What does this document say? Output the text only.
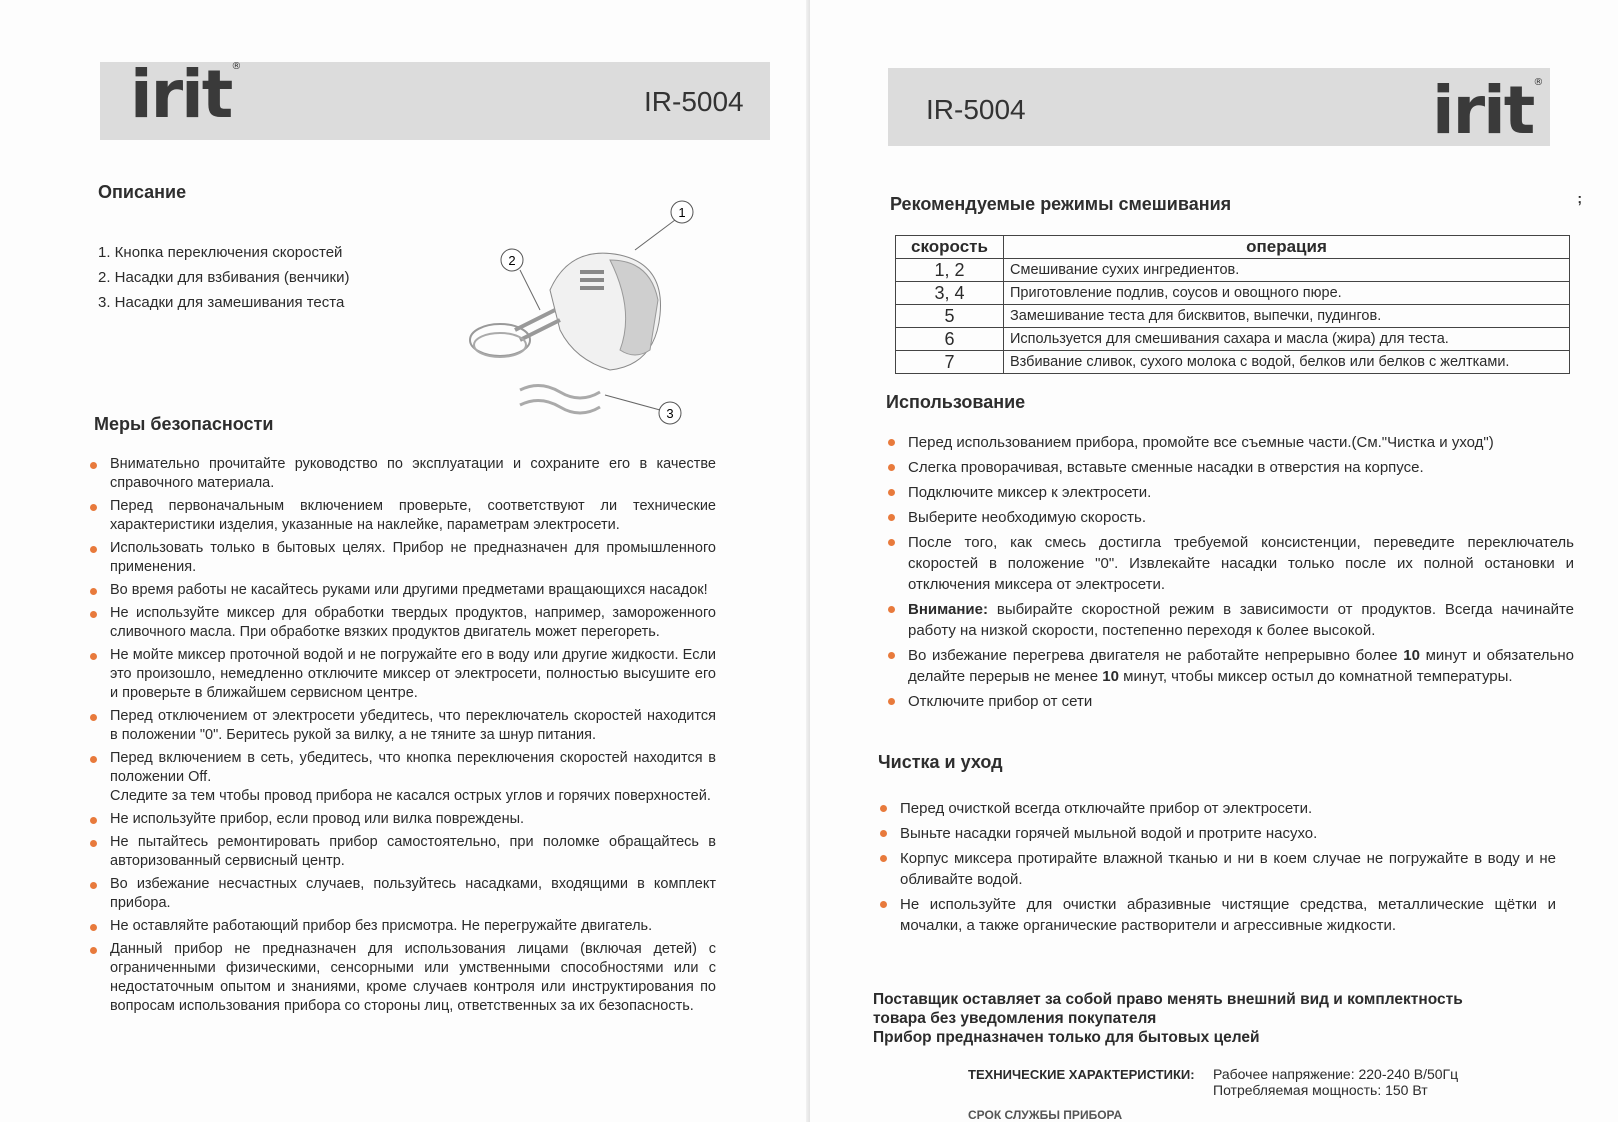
irit®
IR-5004
Описание
1. Кнопка переключения скоростей
2. Насадки для взбивания (венчики)
3. Насадки для замешивания теста
1
2
3
Меры безопасности
Внимательно прочитайте руководство по эксплуатации и сохраните его в качестве справочного материала.
Перед первоначальным включением проверьте, соответствуют ли технические характеристики изделия, указанные на наклейке, параметрам электросети.
Использовать только в бытовых целях. Прибор не предназначен для промышленного применения.
Во время работы не касайтесь руками или другими предметами вращающихся насадок!
Не используйте миксер для обработки твердых продуктов, например, замороженного сливочного масла. При обработке вязких продуктов двигатель может перегореть.
Не мойте миксер проточной водой и не погружайте его в воду или другие жидкости. Если это произошло, немедленно отключите миксер от электросети, полностью высушите его и проверьте в ближайшем сервисном центре.
Перед отключением от электросети убедитесь, что переключатель скоростей находится в положении "0". Беритесь рукой за вилку, а не тяните за шнур питания.
Перед включением в сеть, убедитесь, что кнопка переключения скоростей находится в положении Off.
Следите за тем чтобы провод прибора не касался острых углов и горячих поверхностей.
Не используйте прибор, если провод или вилка повреждены.
Не пытайтесь ремонтировать прибор самостоятельно, при поломке обращайтесь в авторизованный сервисный центр.
Во избежание несчастных случаев, пользуйтесь насадками, входящими в комплект прибора.
Не оставляйте работающий прибор без присмотра. Не перегружайте двигатель.
Данный прибор не предназначен для использования лицами (включая детей) с ограниченными физическими, сенсорными или умственными способностями или с недостаточным опытом и знаниями, кроме случаев контроля или инструктирования по вопросам использования прибора со стороны лиц, ответственных за их безопасность.
IR-5004	irit®
;
Рекомендуемые режимы смешивания
скорость	операция
1, 2	Смешивание сухих ингредиентов.
3, 4	Приготовление подлив, соусов и овощного пюре.
5	Замешивание теста для бисквитов, выпечки, пудингов.
6	Используется для смешивания сахара и масла (жира) для теста.
7	Взбивание сливок, сухого молока с водой, белков или белков с желтками.
Использование
Перед использованием прибора, промойте все съемные части.(См."Чистка и уход")
Слегка проворачивая, вставьте сменные насадки в отверстия на корпусе.
Подключите миксер к электросети.
Выберите необходимую скорость.
После того, как смесь достигла требуемой консистенции, переведите переключатель скоростей в положение "0". Извлекайте насадки только после их полной остановки и отключения миксера от электросети.
Внимание: выбирайте скоростной режим в зависимости от продуктов. Всегда начинайте работу на низкой скорости, постепенно переходя к более высокой.
Во избежание перегрева двигателя не работайте непрерывно более 10 минут и обязательно делайте перерыв не менее 10 минут, чтобы миксер остыл до комнатной температуры.
Отключите прибор от сети
Чистка и уход
Перед очисткой всегда отключайте прибор от электросети.
Выньте насадки горячей мыльной водой и протрите насухо.
Корпус миксера протирайте влажной тканью и ни в коем случае не погружайте в воду и не обливайте водой.
Не используйте для очистки абразивные чистящие средства, металлические щётки и мочалки, а также органические растворители и агрессивные жидкости.
Поставщик оставляет за собой право менять внешний вид и комплектность
товара без уведомления покупателя
Прибор предназначен только для бытовых целей
ТЕХНИЧЕСКИЕ ХАРАКТЕРИСТИКИ: Рабочее напряжение: 220-240 В/50Гц
Потребляемая мощность: 150 Вт
СРОК СЛУЖБЫ ПРИБОРА
